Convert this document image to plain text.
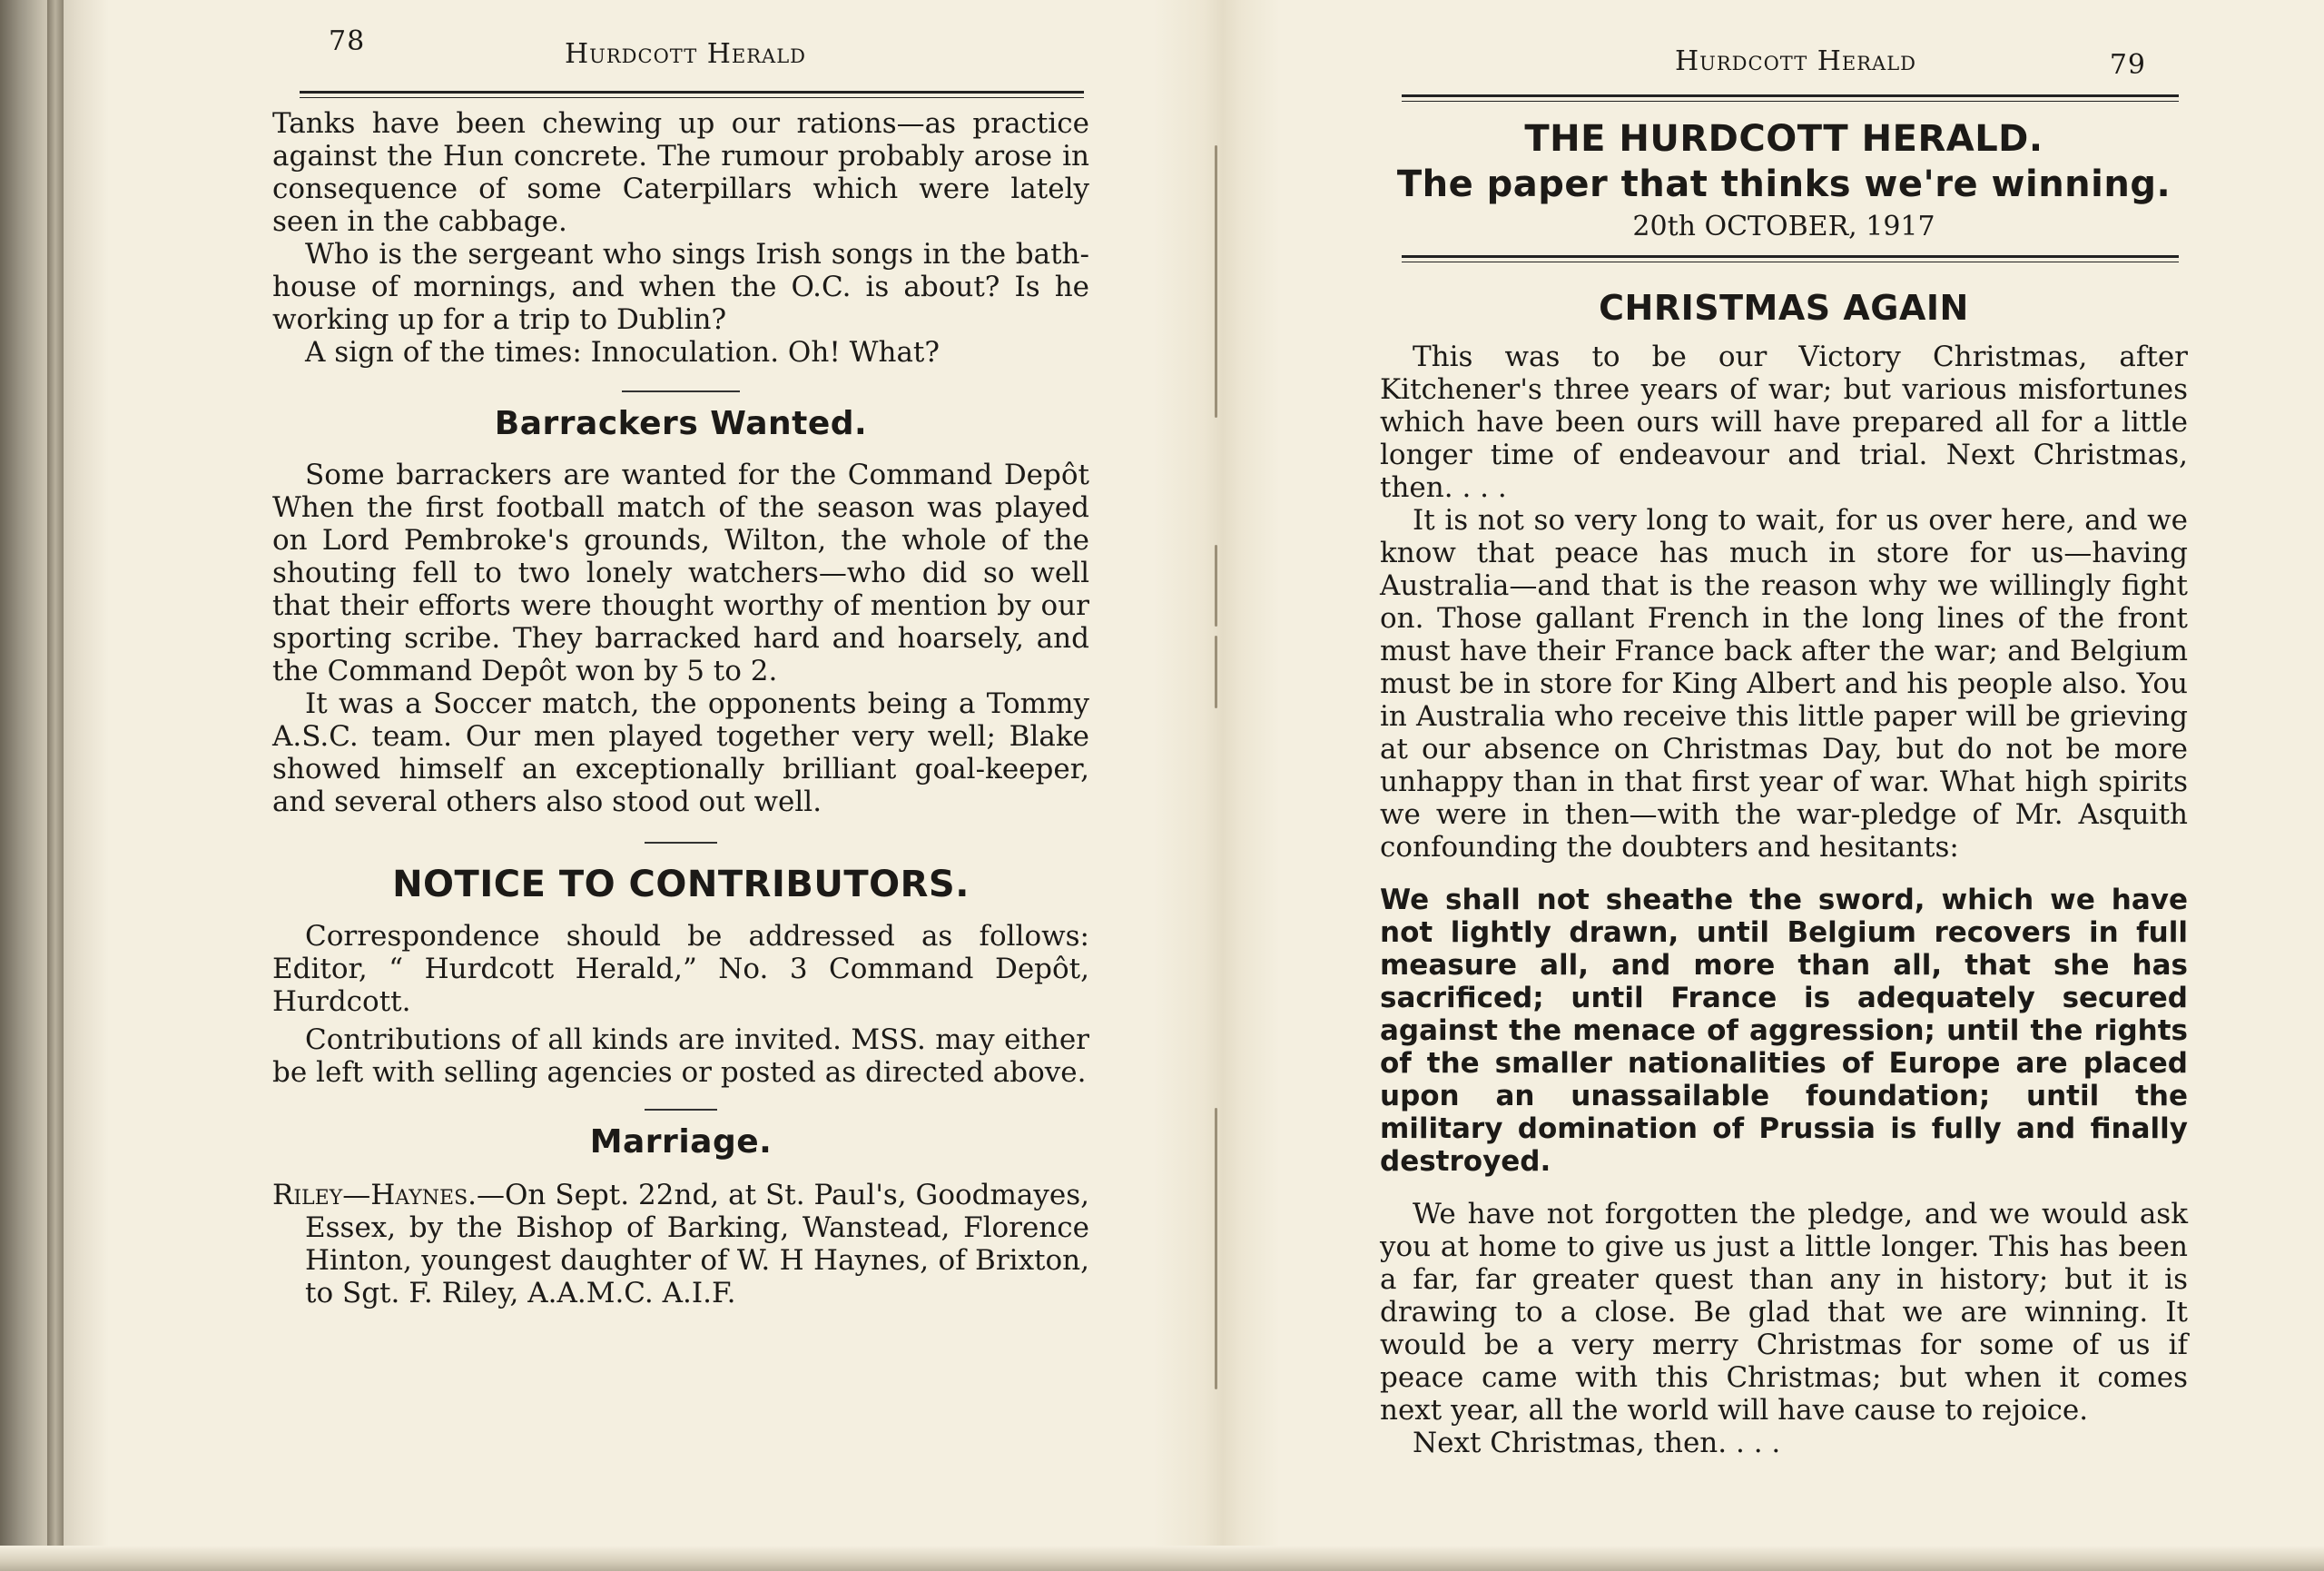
78	Hurdcott Herald

Tanks have been chewing up our rations—as practice against the Hun concrete. The rumour probably arose in consequence of some Caterpillars which were lately seen in the cabbage.

Who is the sergeant who sings Irish songs in the bath-house of mornings, and when the O.C. is about? Is he working up for a trip to Dublin?

A sign of the times: Innoculation. Oh! What?

Barrackers Wanted.

Some barrackers are wanted for the Command Depôt When the first football match of the season was played on Lord Pembroke's grounds, Wilton, the whole of the shouting fell to two lonely watchers—who did so well that their efforts were thought worthy of mention by our sporting scribe. They barracked hard and hoarsely, and the Command Depôt won by 5 to 2.

It was a Soccer match, the opponents being a Tommy A.S.C. team. Our men played together very well; Blake showed himself an exceptionally brilliant goal-keeper, and several others also stood out well.

NOTICE TO CONTRIBUTORS.

Correspondence should be addressed as follows: Editor, “ Hurdcott Herald,” No. 3 Command Depôt, Hurdcott.

Contributions of all kinds are invited. MSS. may either be left with selling agencies or posted as directed above.

Marriage.

Riley—Haynes.—On Sept. 22nd, at St. Paul's, Goodmayes, Essex, by the Bishop of Barking, Wanstead, Florence Hinton, youngest daughter of W. H Haynes, of Brixton, to Sgt. F. Riley, A.A.M.C. A.I.F.

Hurdcott Herald	79
THE HURDCOTT HERALD.
The paper that thinks we're winning.
20th OCTOBER, 1917
CHRISTMAS AGAIN

This was to be our Victory Christmas, after Kitchener's three years of war; but various misfortunes which have been ours will have prepared all for a little longer time of endeavour and trial. Next Christmas, then. . . .

It is not so very long to wait, for us over here, and we know that peace has much in store for us—having Australia—and that is the reason why we willingly fight on. Those gallant French in the long lines of the front must have their France back after the war; and Belgium must be in store for King Albert and his people also. You in Australia who receive this little paper will be grieving at our absence on Christmas Day, but do not be more unhappy than in that first year of war. What high spirits we were in then—with the war-pledge of Mr. Asquith confounding the doubters and hesitants:

We shall not sheathe the sword, which we have not lightly drawn, until Belgium recovers in full measure all, and more than all, that she has sacrificed; until France is adequately secured against the menace of aggression; until the rights of the smaller nationalities of Europe are placed upon an unassailable foundation; until the military domination of Prussia is fully and finally destroyed.

We have not forgotten the pledge, and we would ask you at home to give us just a little longer. This has been a far, far greater quest than any in history; but it is drawing to a close. Be glad that we are winning. It would be a very merry Christmas for some of us if peace came with this Christmas; but when it comes next year, all the world will have cause to rejoice.

Next Christmas, then. . . .
